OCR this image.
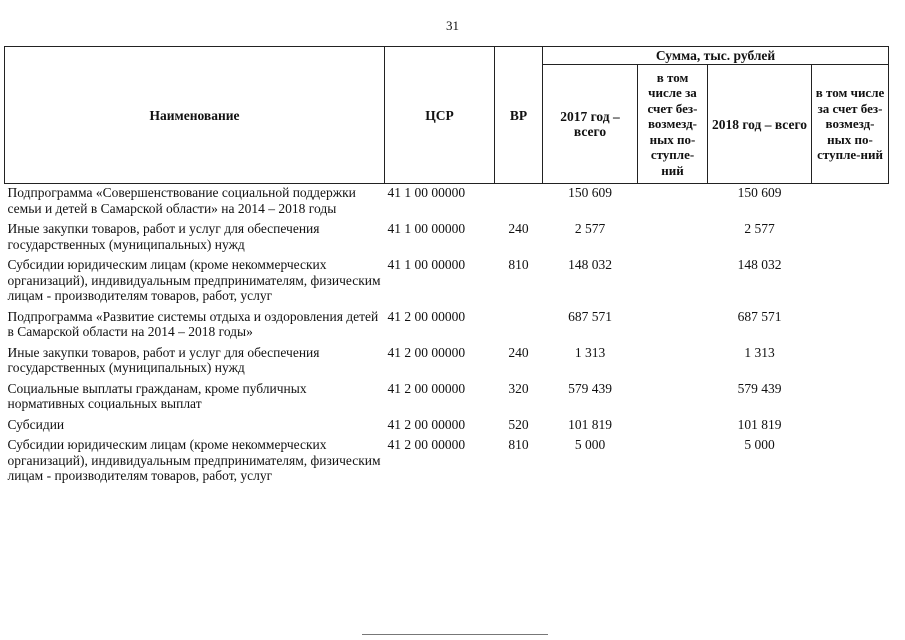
31
Наименование	ЦСР	ВР	Сумма, тыс. рублей			
			2017 год – всего	в том числе за счет без-возмезд-ных по-ступле-ний	2018 год – всего	в том числе за счет без-возмезд-ных по-ступле-ний
Подпрограмма «Совершенствование социальной поддержки семьи и детей в Самарской области» на 2014 – 2018 годы	41 1 00 00000		150 609		150 609	
Иные закупки товаров, работ и услуг для обеспечения государственных (муниципальных) нужд	41 1 00 00000	240	2 577		2 577	
Субсидии юридическим лицам (кроме некоммерческих организаций), индивидуальным предпринимателям, физическим лицам - производителям товаров, работ, услуг	41 1 00 00000	810	148 032		148 032	
Подпрограмма «Развитие системы отдыха и оздоровления детей в Самарской области на 2014 – 2018 годы»	41 2 00 00000		687 571		687 571	
Иные закупки товаров, работ и услуг для обеспечения государственных (муниципальных) нужд	41 2 00 00000	240	1 313		1 313	
Социальные выплаты гражданам, кроме публичных нормативных социальных выплат	41 2 00 00000	320	579 439		579 439	
Субсидии	41 2 00 00000	520	101 819		101 819	
Субсидии юридическим лицам (кроме некоммерческих организаций), индивидуальным предпринимателям, физическим лицам - производителям товаров, работ, услуг	41 2 00 00000	810	5 000		5 000	
